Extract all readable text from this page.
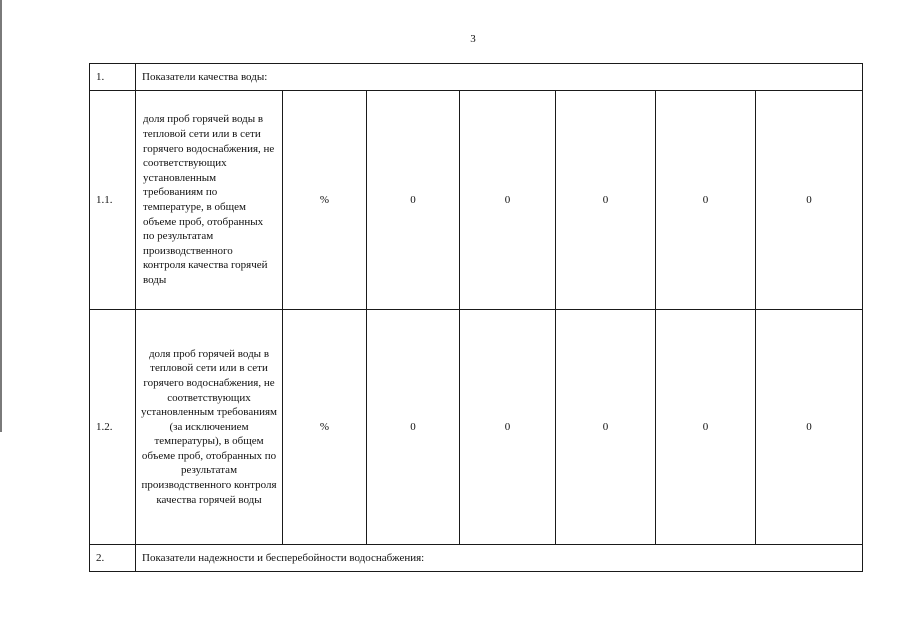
3
1.	Показатели качества воды:						
1.1.	доля проб горячей воды в тепловой сети или в сети горячего водоснабжения, не соответствующих установленным требованиям по температуре, в общем объеме проб, отобранных по результатам производственного контроля качества горячей воды	%	0	0	0	0	0
1.2.	доля проб горячей воды в тепловой сети или в сети горячего водоснабжения, не соответствующих установленным требованиям (за исключением температуры), в общем объеме проб, отобранных по результатам производственного контроля качества горячей воды	%	0	0	0	0	0
2.	Показатели надежности и бесперебойности водоснабжения:						
